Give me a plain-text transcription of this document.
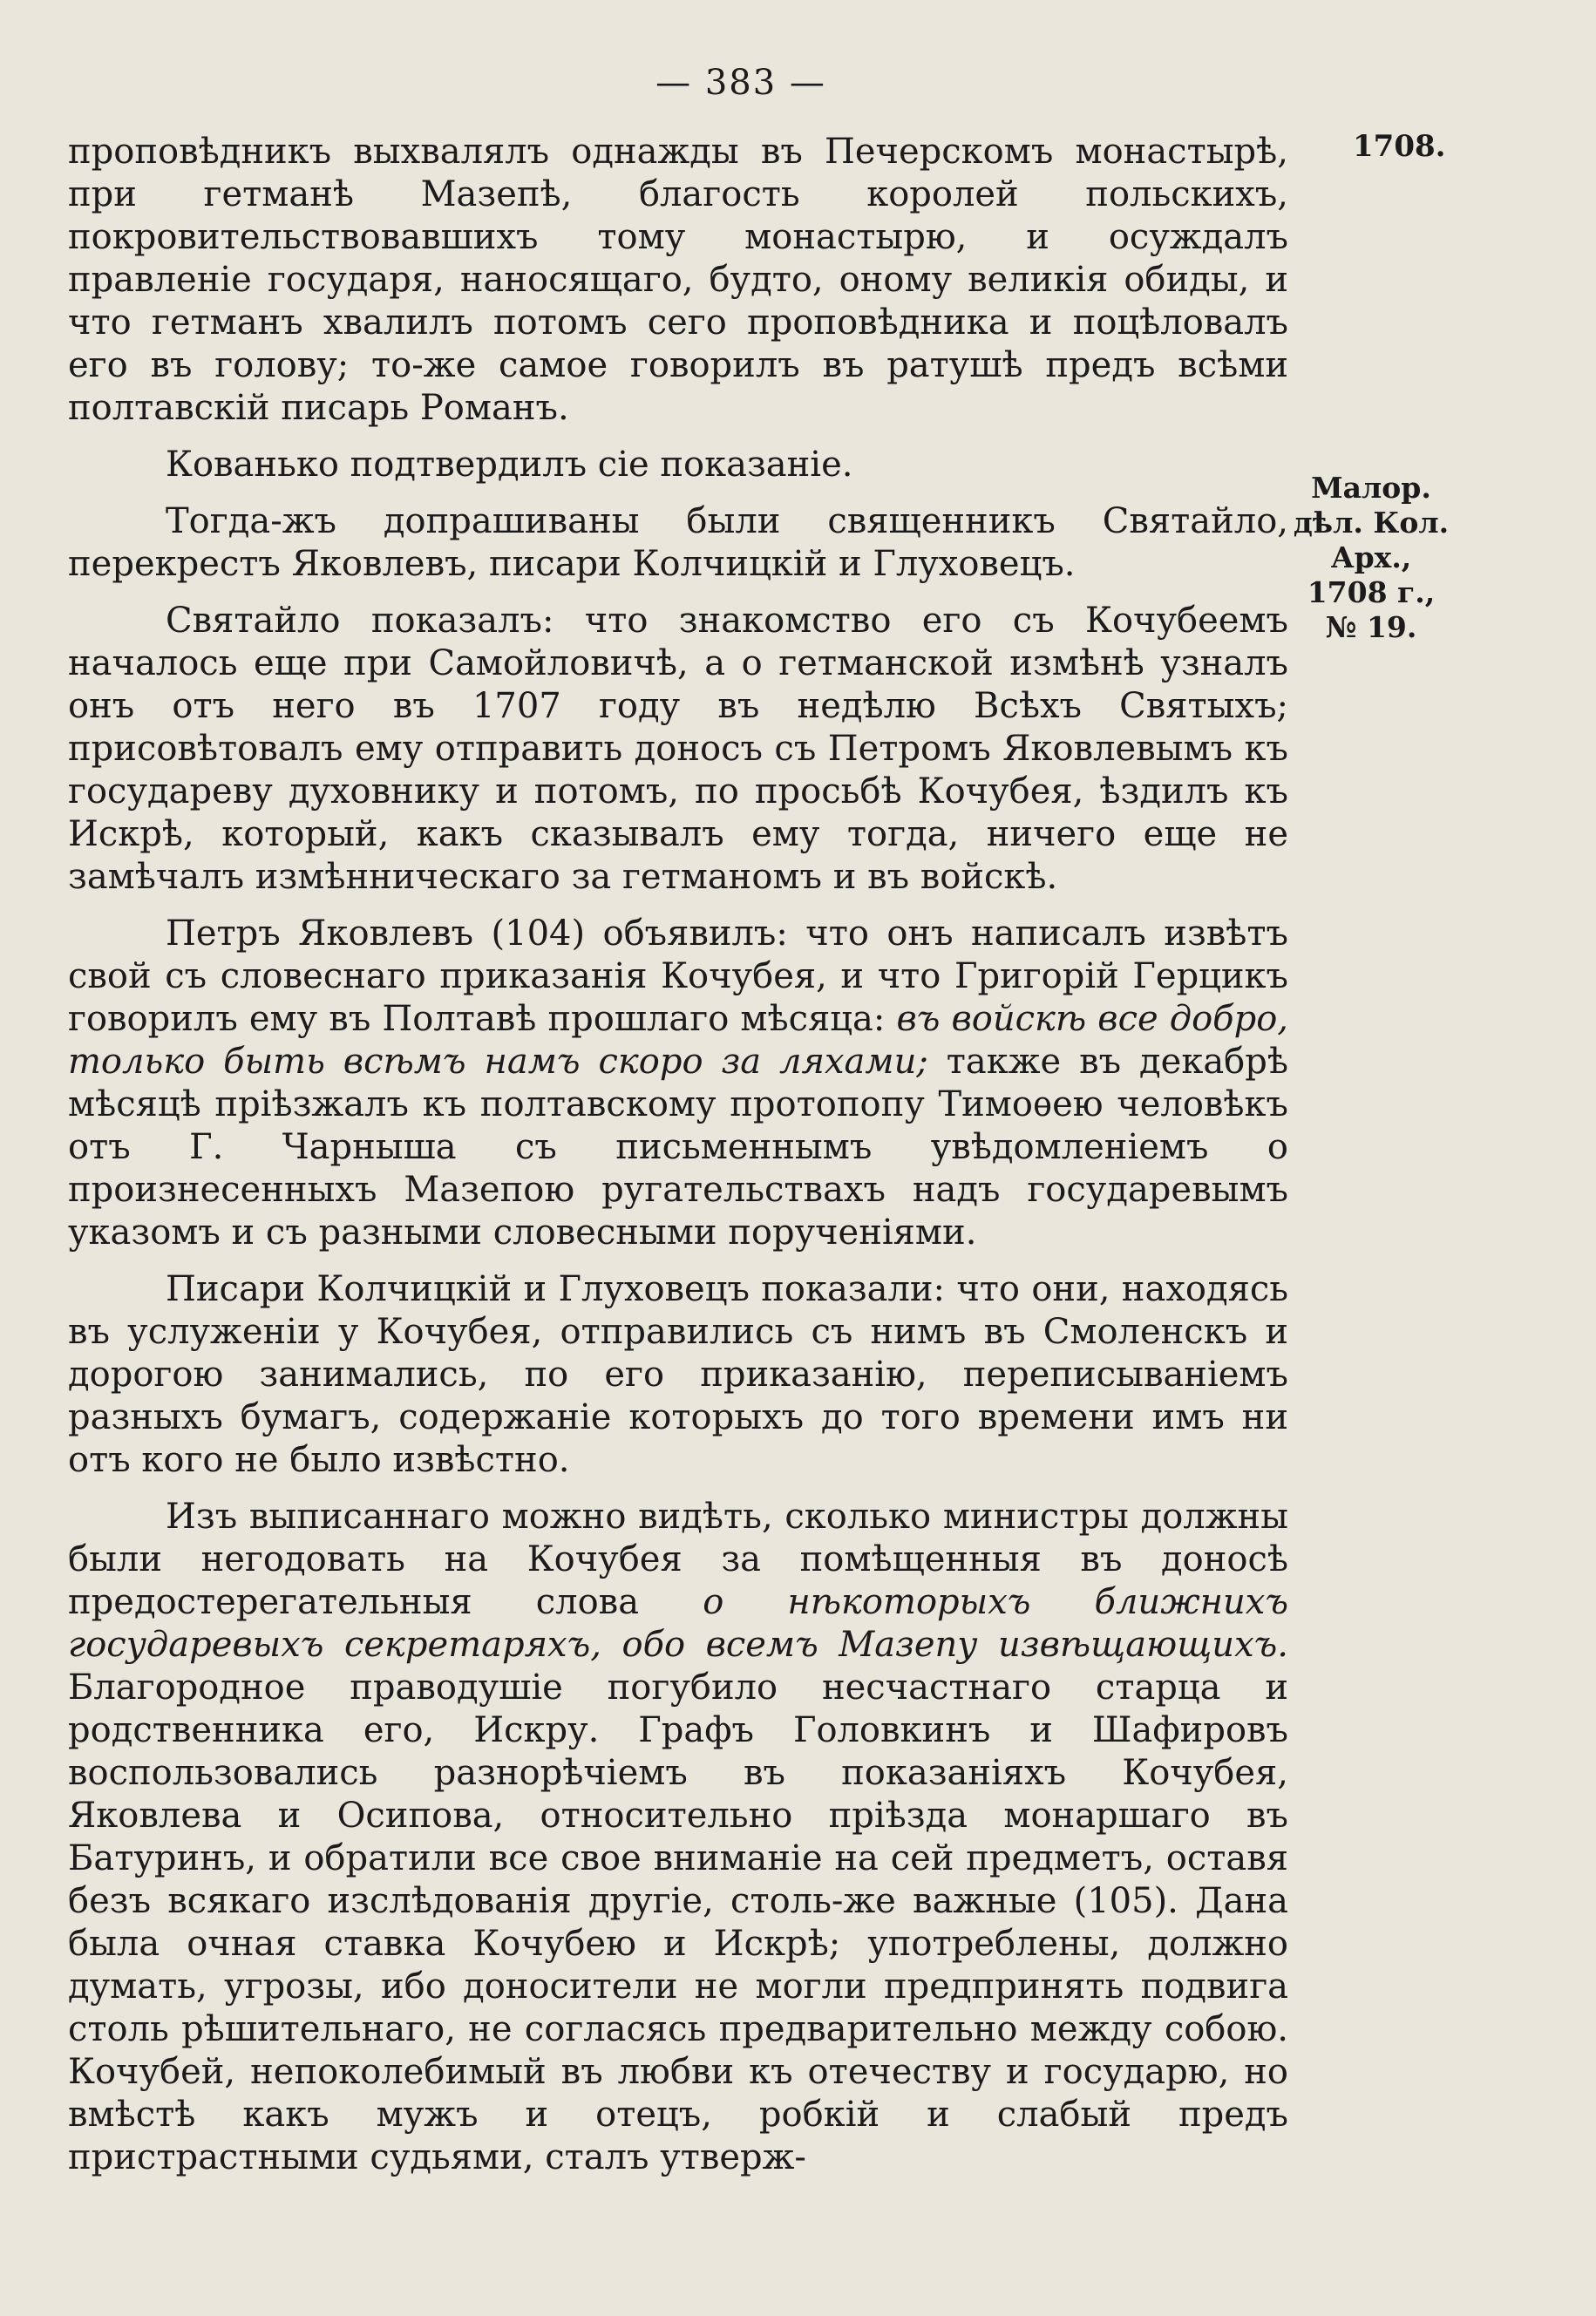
— 383 —
1708.
Малор.
дѣл. Кол.
Арх.,
1708 г.,
№ 19.

проповѣдникъ выхвалялъ однажды въ Печерскомъ монастырѣ, при гетманѣ Мазепѣ, благость королей польскихъ, покровительствовавшихъ тому монастырю, и осуждалъ правленіе государя, наносящаго, будто, оному великія обиды, и что гетманъ хвалилъ потомъ сего проповѣдника и поцѣловалъ его въ голову; то-же самое говорилъ въ ратушѣ предъ всѣми полтавскій писарь Романъ.

Кованько подтвердилъ сіе показаніе.

Тогда-жъ допрашиваны были священникъ Святайло, перекрестъ Яковлевъ, писари Колчицкій и Глуховецъ.

Святайло показалъ: что знакомство его съ Кочубеемъ началось еще при Самойловичѣ, а о гетманской измѣнѣ узналъ онъ отъ него въ 1707 году въ недѣлю Всѣхъ Святыхъ; присовѣтовалъ ему отправить доносъ съ Петромъ Яковлевымъ къ государеву духовнику и потомъ, по просьбѣ Кочубея, ѣздилъ къ Искрѣ, который, какъ сказывалъ ему тогда, ничего еще не замѣчалъ измѣнническаго за гетманомъ и въ войскѣ.

Петръ Яковлевъ (104) объявилъ: что онъ написалъ извѣтъ свой съ словеснаго приказанія Кочубея, и что Григорій Герцикъ говорилъ ему въ Полтавѣ прошлаго мѣсяца: въ войскѣ все добро, только быть всѣмъ намъ скоро за ляхами; также въ декабрѣ мѣсяцѣ пріѣзжалъ къ полтавскому протопопу Тимоѳею человѣкъ отъ Г. Чарныша съ письменнымъ увѣдомленіемъ о произнесенныхъ Мазепою ругательствахъ надъ государевымъ указомъ и съ разными словесными порученіями.

Писари Колчицкій и Глуховецъ показали: что они, находясь въ услуженіи у Кочубея, отправились съ нимъ въ Смоленскъ и дорогою занимались, по его приказанію, переписываніемъ разныхъ бумагъ, содержаніе которыхъ до того времени имъ ни отъ кого не было извѣстно.

Изъ выписаннаго можно видѣть, сколько министры должны были негодовать на Кочубея за помѣщенныя въ доносѣ предостерегательныя слова о нѣкоторыхъ ближнихъ государевыхъ секретаряхъ, обо всемъ Мазепу извѣщающихъ. Благородное праводушіе погубило несчастнаго старца и родственника его, Искру. Графъ Головкинъ и Шафировъ воспользовались разнорѣчіемъ въ показаніяхъ Кочубея, Яковлева и Осипова, относительно пріѣзда монаршаго въ Батуринъ, и обратили все свое вниманіе на сей предметъ, оставя безъ всякаго изслѣдованія другіе, столь-же важные (105). Дана была очная ставка Кочубею и Искрѣ; употреблены, должно думать, угрозы, ибо доносители не могли предпринять подвига столь рѣшительнаго, не согласясь предварительно между собою. Кочубей, непоколебимый въ любви къ отечеству и государю, но вмѣстѣ какъ мужъ и отецъ, робкій и слабый предъ пристрастными судьями, сталъ утверж-
